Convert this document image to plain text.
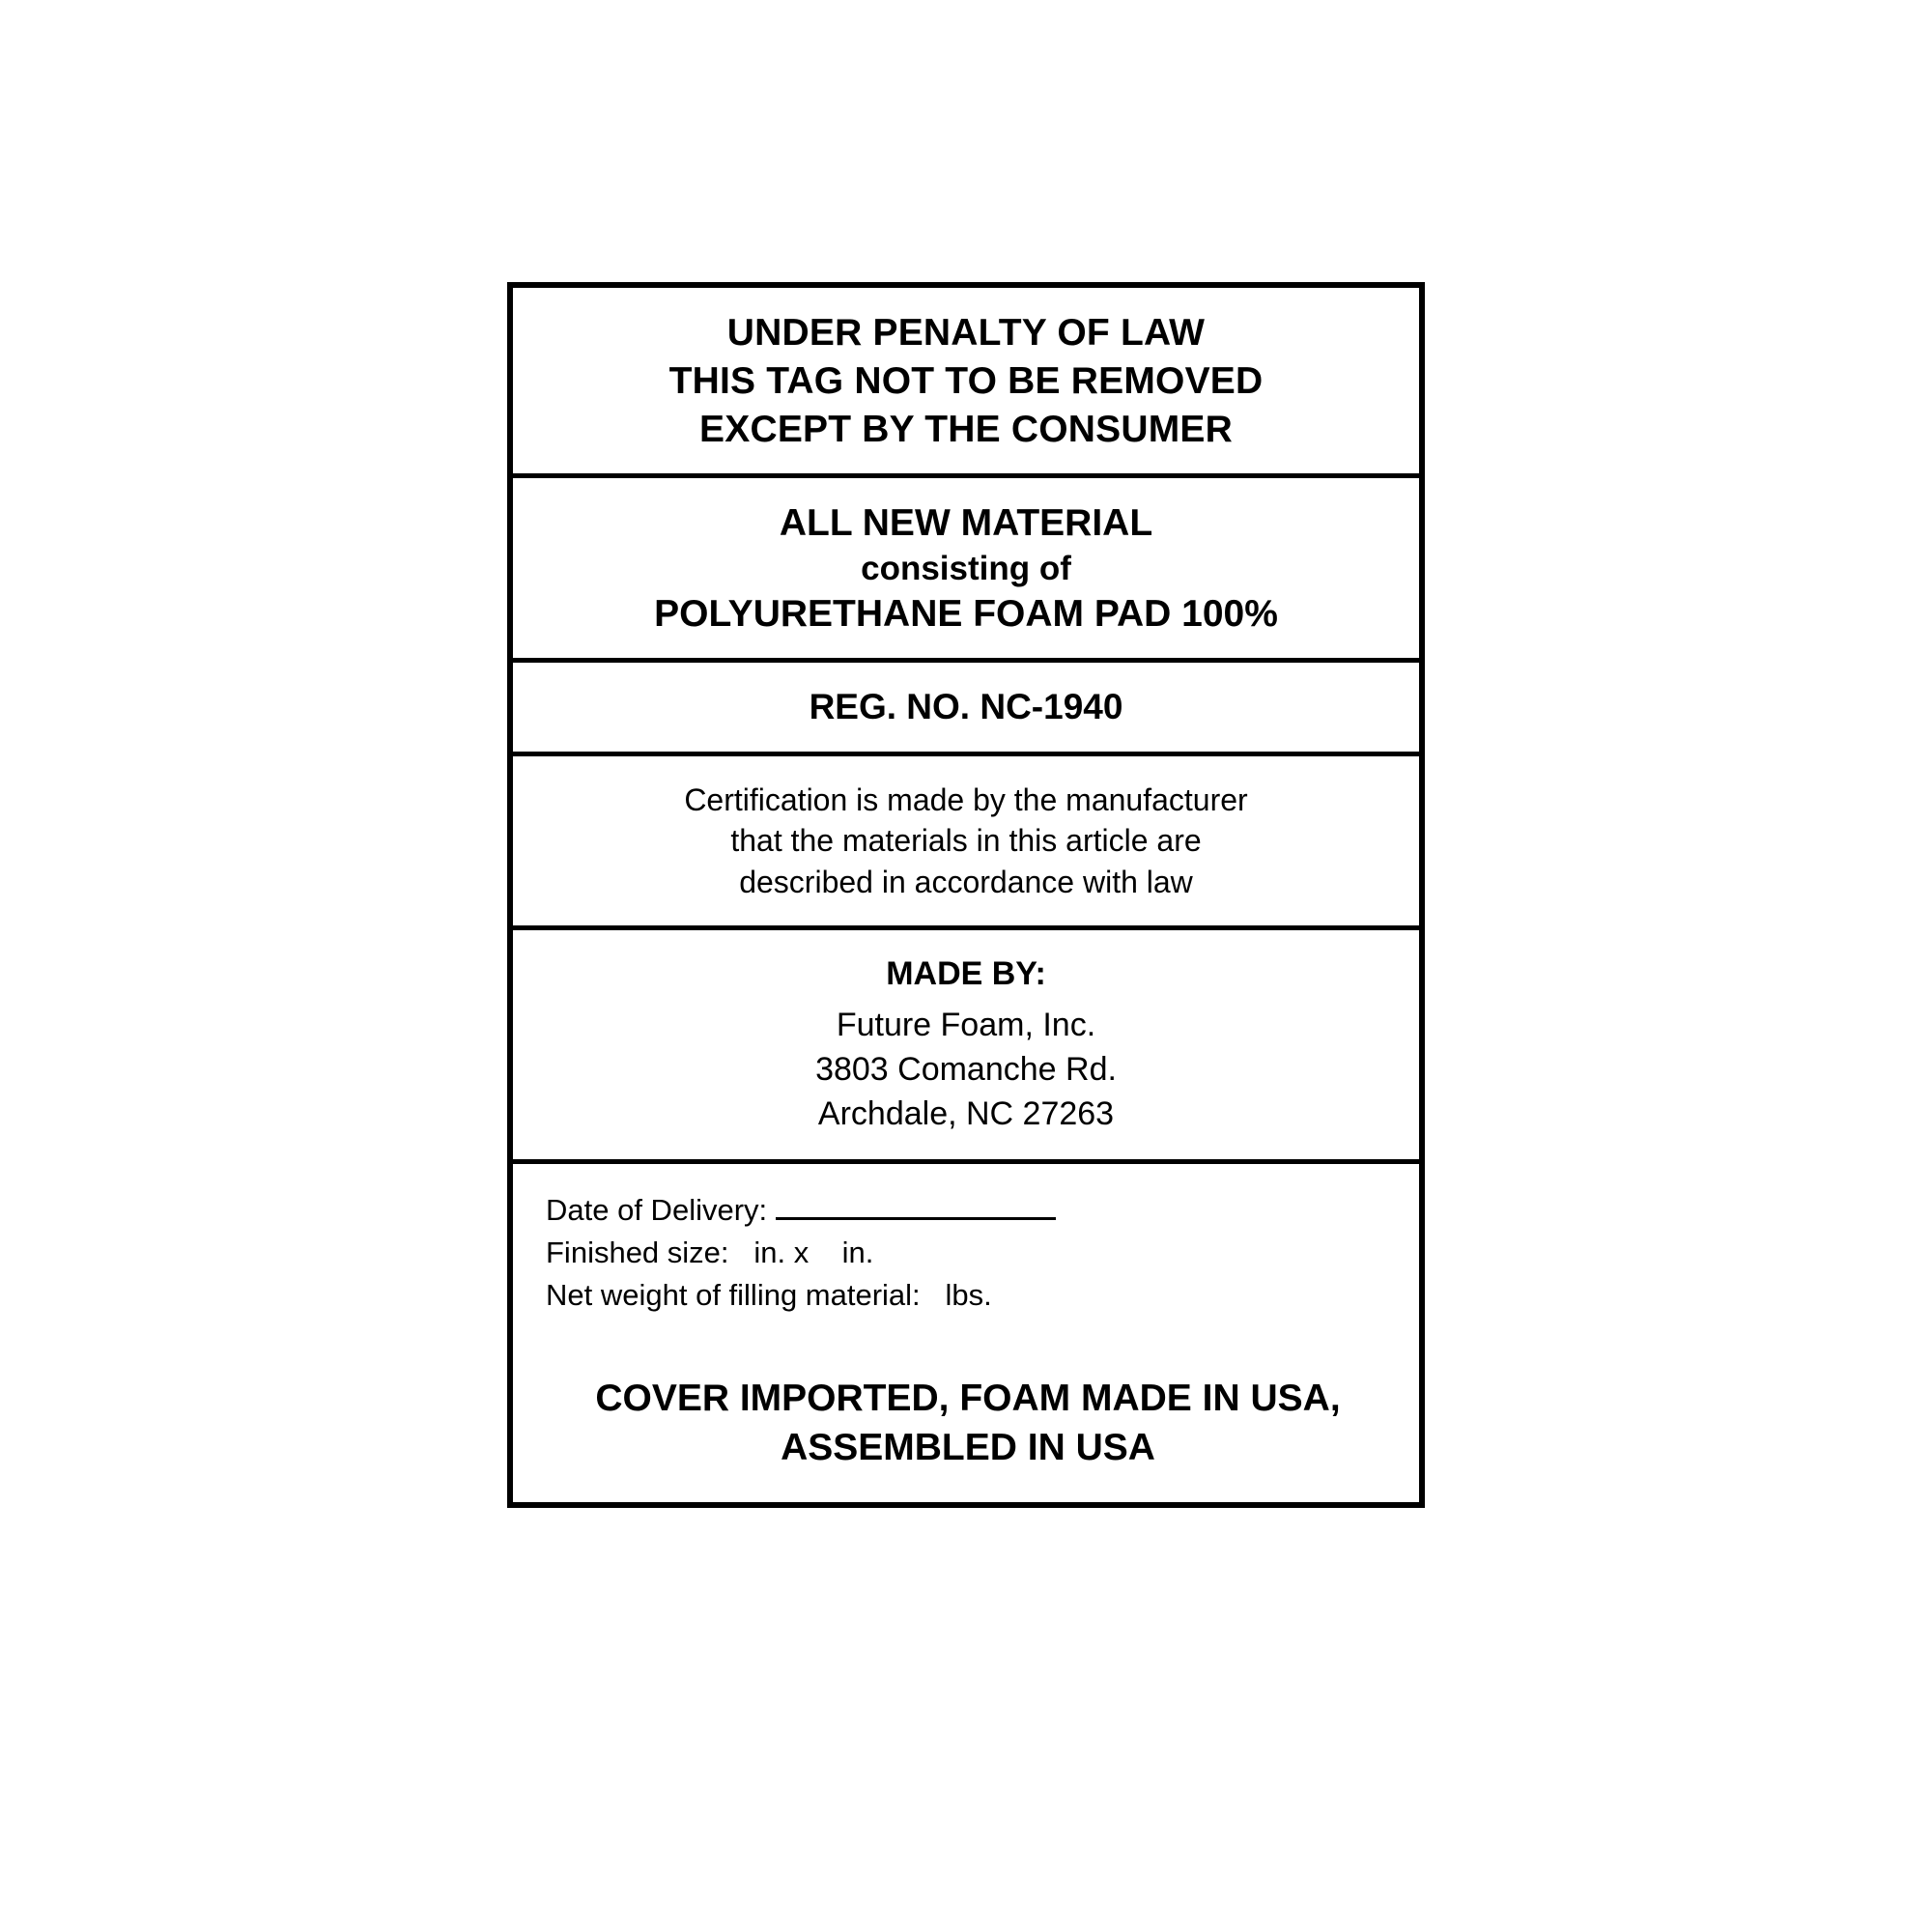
UNDER PENALTY OF LAW
THIS TAG NOT TO BE REMOVED
EXCEPT BY THE CONSUMER
ALL NEW MATERIAL
consisting of
POLYURETHANE FOAM PAD 100%
REG. NO. NC-1940
Certification is made by the manufacturer
that the materials in this article are
described in accordance with law
MADE BY:
Future Foam, Inc.
3803 Comanche Rd.
Archdale, NC 27263
Date of Delivery:
Finished size:   in. x    in.
Net weight of filling material:   lbs.
COVER IMPORTED, FOAM MADE IN USA,
ASSEMBLED IN USA
